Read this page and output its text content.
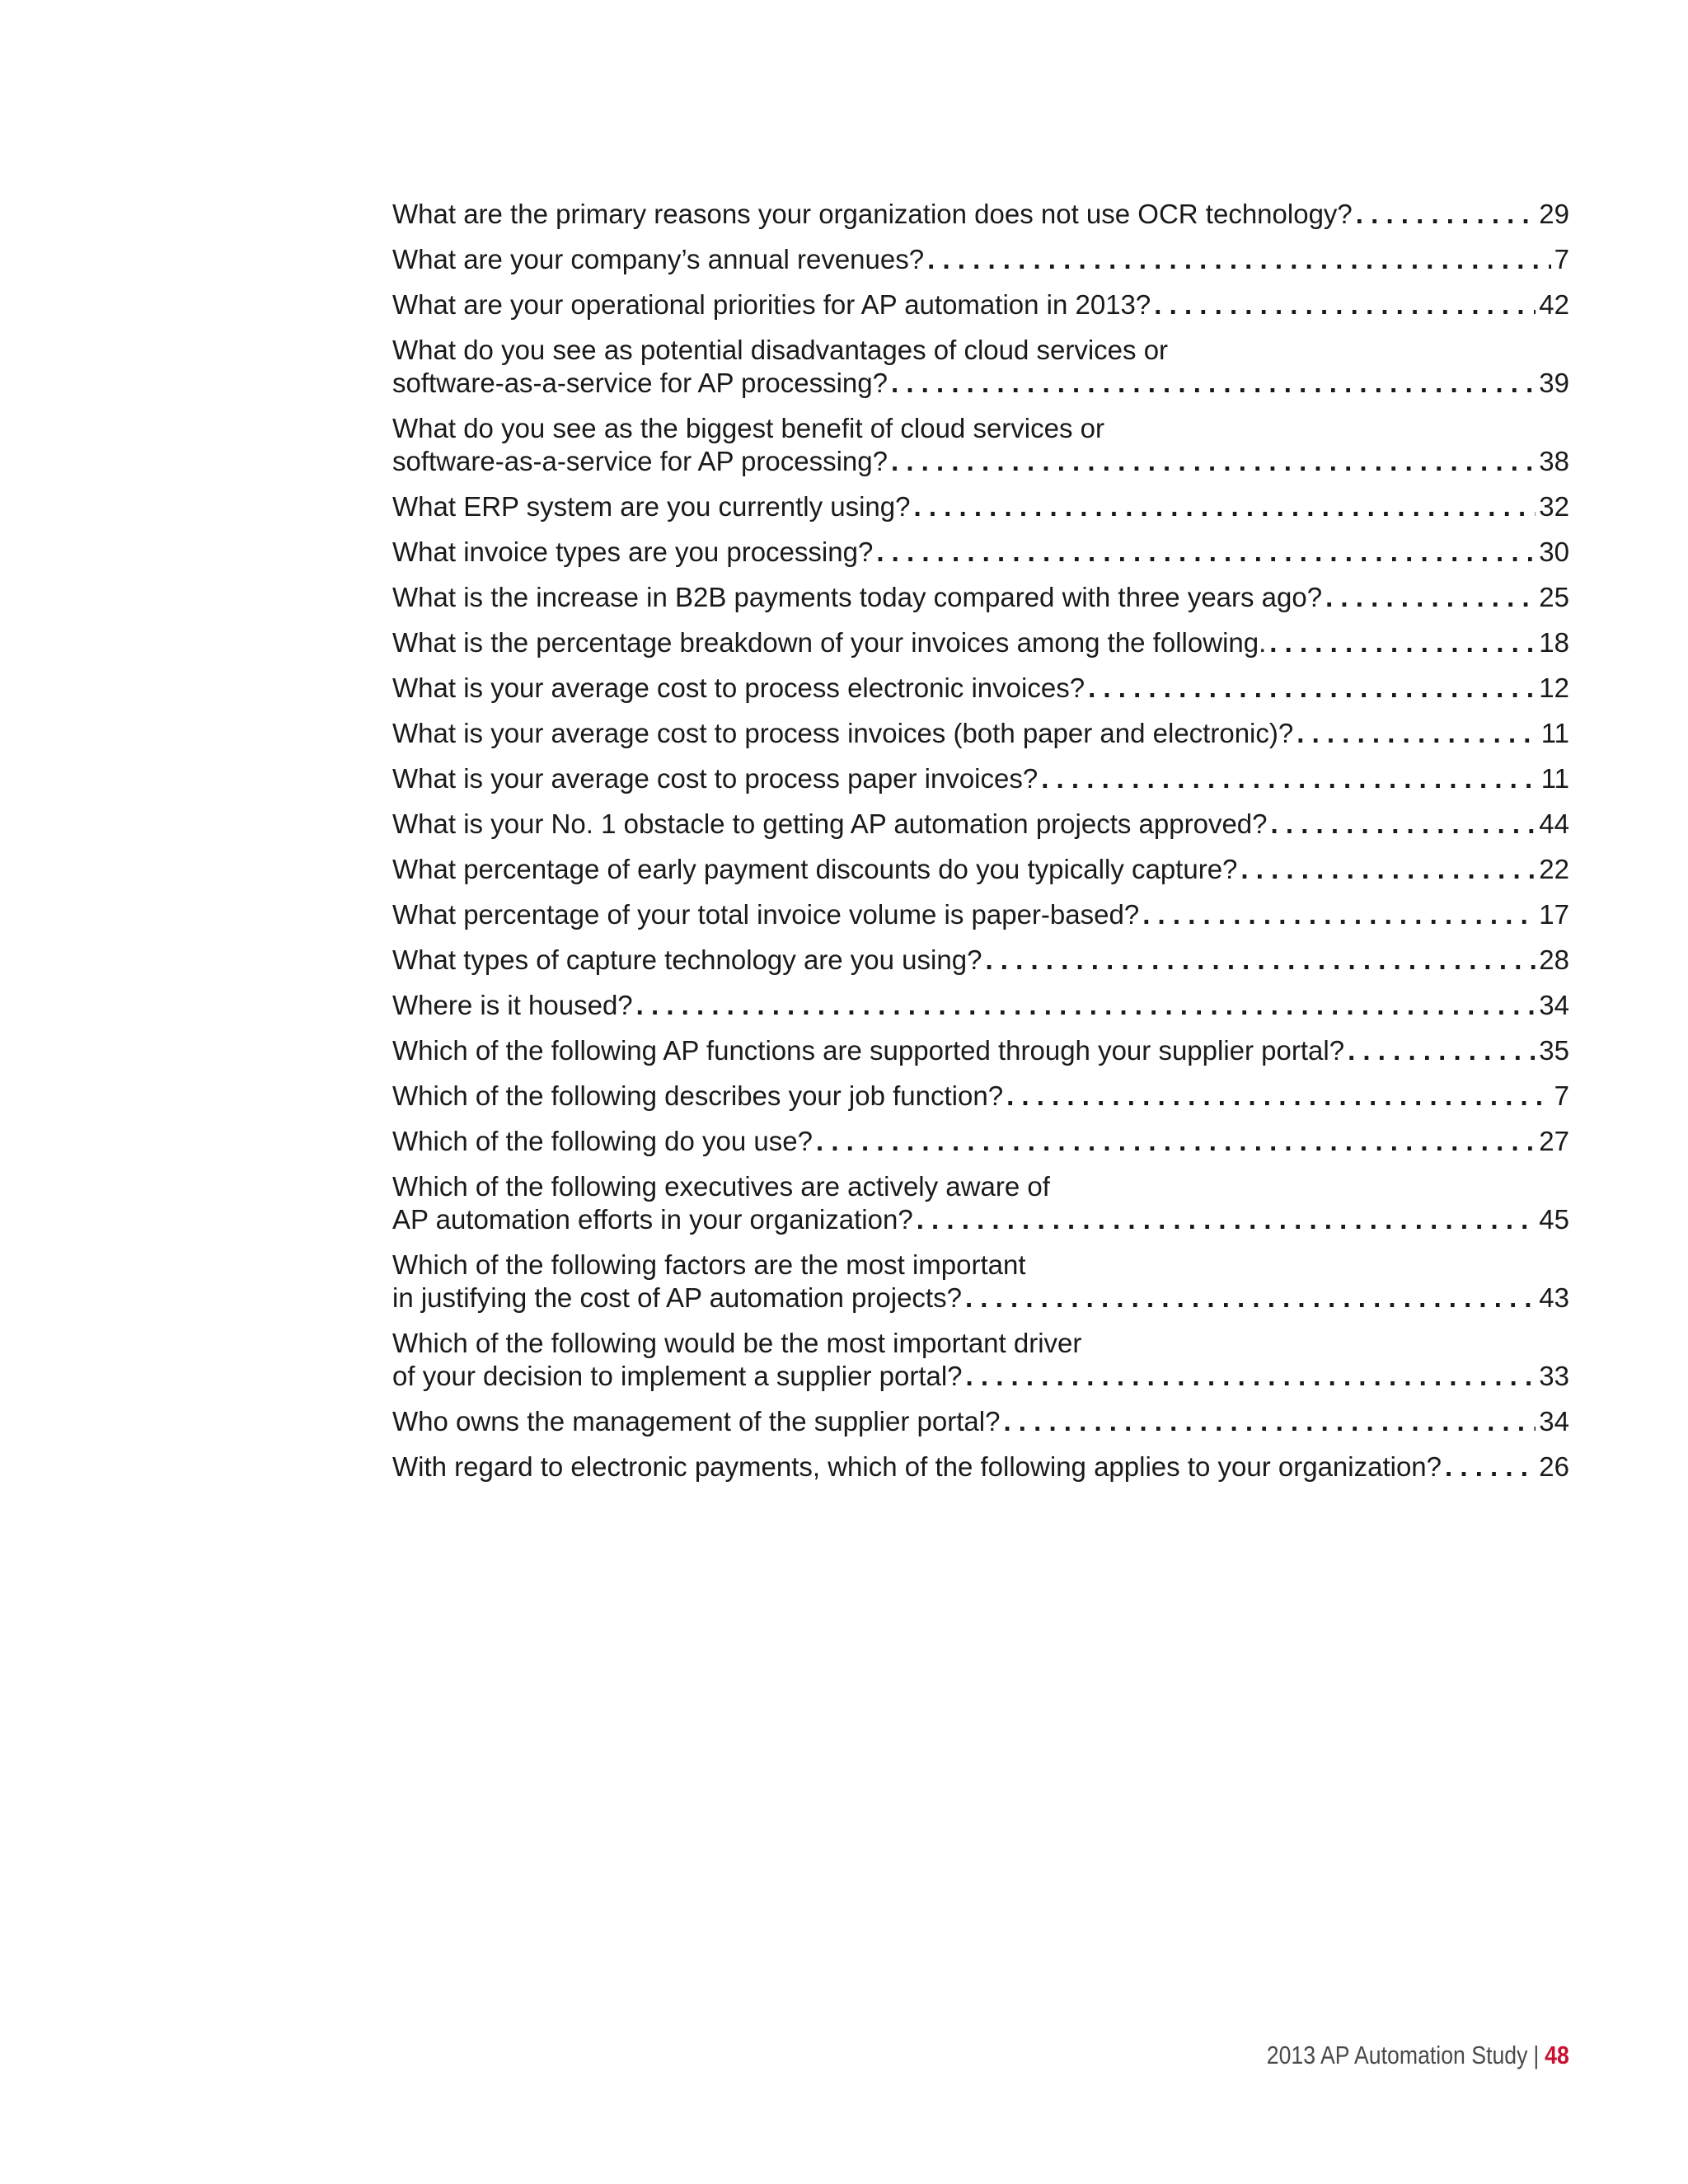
What are the primary reasons your organization does not use OCR technology? . . .	29
What are your company’s annual revenues? . . .	7
What are your operational priorities for AP automation in 2013? . . .	42
What do you see as potential disadvantages of cloud services or
software-as-a-service for AP processing? . . .	39
What do you see as the biggest benefit of cloud services or
software-as-a-service for AP processing? . . .	38
What ERP system are you currently using? . . .	32
What invoice types are you processing? . . .	30
What is the increase in B2B payments today compared with three years ago? . . .	25
What is the percentage breakdown of your invoices among the following. . . .	18
What is your average cost to process electronic invoices? . . .	12
What is your average cost to process invoices (both paper and electronic)? . . .	11
What is your average cost to process paper invoices? . . .	11
What is your No. 1 obstacle to getting AP automation projects approved? . . .	44
What percentage of early payment discounts do you typically capture? . . .	22
What percentage of your total invoice volume is paper-based? . . .	17
What types of capture technology are you using? . . .	28
Where is it housed? . . .	34
Which of the following AP functions are supported through your supplier portal? . . .	35
Which of the following describes your job function? . . .	7
Which of the following do you use? . . .	27
Which of the following executives are actively aware of
AP automation efforts in your organization? . . .	45
Which of the following factors are the most important
in justifying the cost of AP automation projects? . . .	43
Which of the following would be the most important driver
of your decision to implement a supplier portal? . . .	33
Who owns the management of the supplier portal? . . .	34
With regard to electronic payments, which of the following applies to your organization? . . .	26
2013 AP Automation Study | 48
